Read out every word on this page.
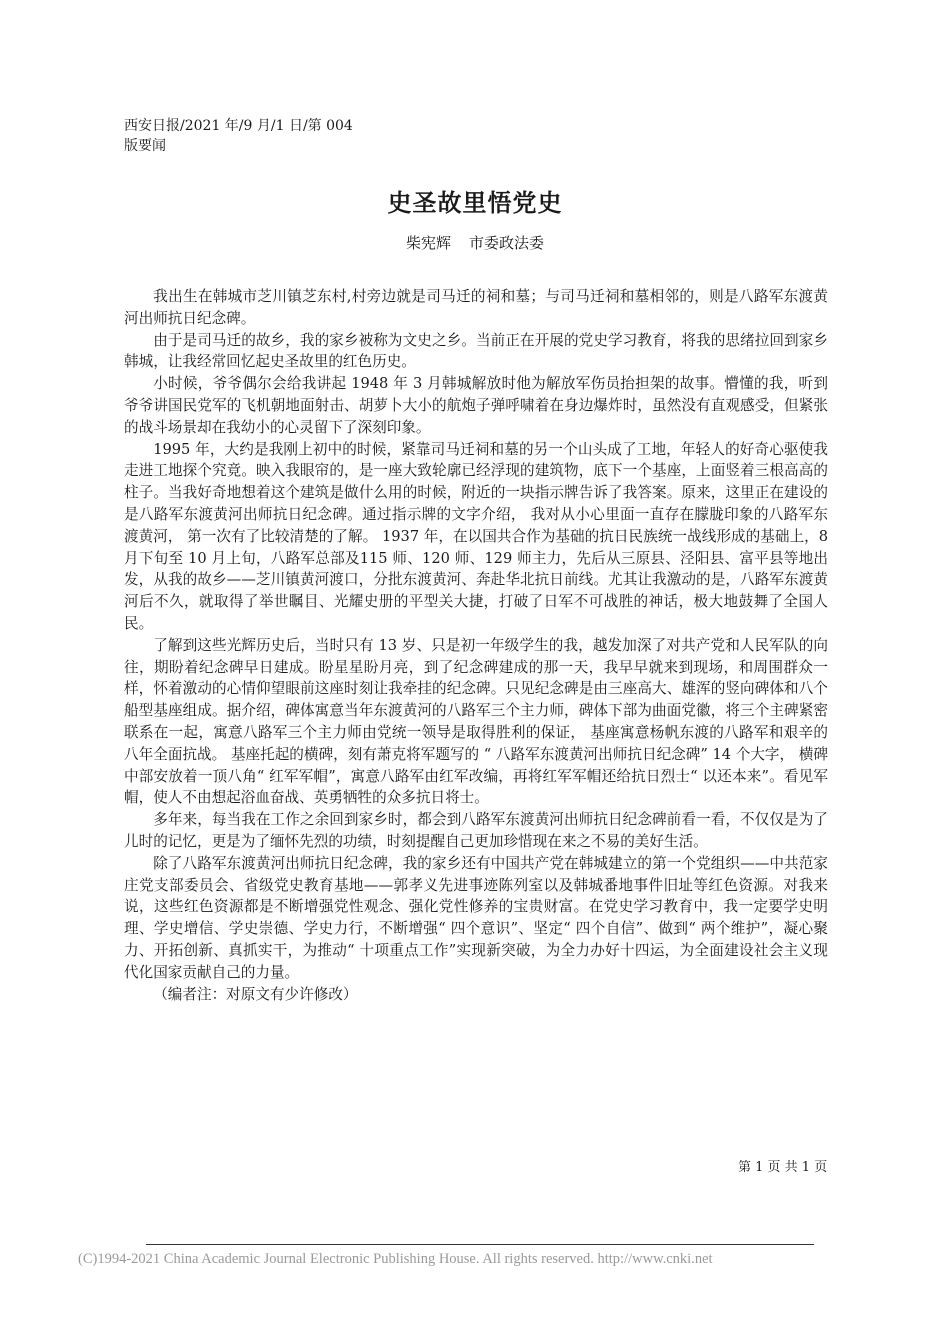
西安日报/2021 年/9 月/1 日/第 004
版要闻
史圣故里悟党史
柴宪辉 市委政法委

我出生在韩城市芝川镇芝东村,村旁边就是司马迁的祠和墓；与司马迁祠和墓相邻的，则是八路军东渡黄河出师抗日纪念碑。

由于是司马迁的故乡，我的家乡被称为文史之乡。当前正在开展的党史学习教育，将我的思绪拉回到家乡韩城，让我经常回忆起史圣故里的红色历史。

小时候，爷爷偶尔会给我讲起 1948 年 3 月韩城解放时他为解放军伤员抬担架的故事。懵懂的我，听到爷爷讲国民党军的飞机朝地面射击、胡萝卜大小的航炮子弹呼啸着在身边爆炸时，虽然没有直观感受，但紧张的战斗场景却在我幼小的心灵留下了深刻印象。

1995 年，大约是我刚上初中的时候，紧靠司马迁祠和墓的另一个山头成了工地，年轻人的好奇心驱使我走进工地探个究竟。映入我眼帘的，是一座大致轮廓已经浮现的建筑物，底下一个基座，上面竖着三根高高的柱子。当我好奇地想着这个建筑是做什么用的时候，附近的一块指示牌告诉了我答案。原来，这里正在建设的是八路军东渡黄河出师抗日纪念碑。通过指示牌的文字介绍， 我对从小心里面一直存在朦胧印象的八路军东渡黄河， 第一次有了比较清楚的了解。 1937 年，在以国共合作为基础的抗日民族统一战线形成的基础上，8 月下旬至 10 月上旬，八路军总部及115 师、120 师、129 师主力，先后从三原县、泾阳县、富平县等地出发，从我的故乡——芝川镇黄河渡口，分批东渡黄河、奔赴华北抗日前线。尤其让我激动的是，八路军东渡黄河后不久，就取得了举世瞩目、光耀史册的平型关大捷，打破了日军不可战胜的神话，极大地鼓舞了全国人民。

了解到这些光辉历史后，当时只有 13 岁、只是初一年级学生的我，越发加深了对共产党和人民军队的向往，期盼着纪念碑早日建成。盼星星盼月亮，到了纪念碑建成的那一天，我早早就来到现场，和周围群众一样，怀着激动的心情仰望眼前这座时刻让我牵挂的纪念碑。只见纪念碑是由三座高大、雄浑的竖向碑体和八个船型基座组成。据介绍，碑体寓意当年东渡黄河的八路军三个主力师，碑体下部为曲面党徽，将三个主碑紧密联系在一起，寓意八路军三个主力师由党统一领导是取得胜利的保证， 基座寓意杨帆东渡的八路军和艰辛的八年全面抗战。 基座托起的横碑，刻有萧克将军题写的 “ 八路军东渡黄河出师抗日纪念碑” 14 个大字， 横碑中部安放着一顶八角“ 红军军帽”，寓意八路军由红军改编，再将红军军帽还给抗日烈士“ 以还本来”。看见军帽，使人不由想起浴血奋战、英勇牺牲的众多抗日将士。

多年来，每当我在工作之余回到家乡时，都会到八路军东渡黄河出师抗日纪念碑前看一看，不仅仅是为了儿时的记忆，更是为了缅怀先烈的功绩，时刻提醒自己更加珍惜现在来之不易的美好生活。

除了八路军东渡黄河出师抗日纪念碑，我的家乡还有中国共产党在韩城建立的第一个党组织——中共范家庄党支部委员会、省级党史教育基地——郭孝义先进事迹陈列室以及韩城番地事件旧址等红色资源。对我来说，这些红色资源都是不断增强党性观念、强化党性修养的宝贵财富。在党史学习教育中，我一定要学史明理、学史增信、学史崇德、学史力行，不断增强“ 四个意识”、坚定“ 四个自信”、做到“ 两个维护”，凝心聚力、开拓创新、真抓实干，为推动“ 十项重点工作”实现新突破，为全力办好十四运，为全面建设社会主义现代化国家贡献自己的力量。

（编者注：对原文有少许修改）

第 1 页 共 1 页
(C)1994-2021 China Academic Journal Electronic Publishing House. All rights reserved. http://www.cnki.net
